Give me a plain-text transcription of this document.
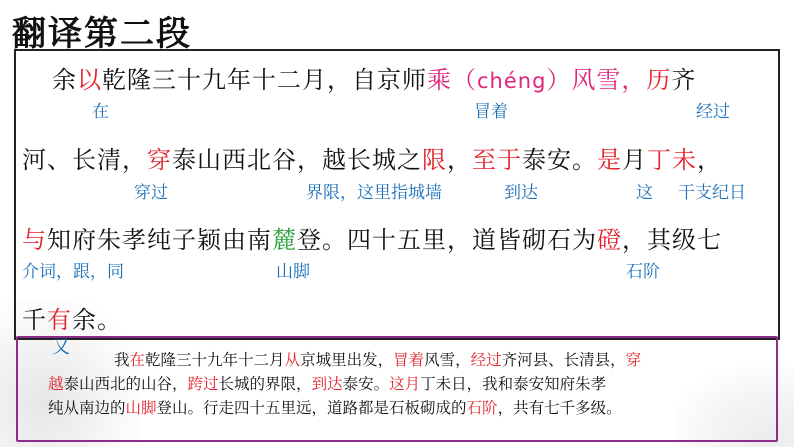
翻译第二段
余以乾隆三十九年十二月，自京师乘（chéng）风雪，历齐
河、长清，穿泰山西北谷，越长城之限，至于泰安。是月丁未，
与知府朱孝纯子颖由南麓登。四十五里，道皆砌石为磴，其级七
千有余。
在	冒着	经过
穿过	界限，这里指城墙	到达	这 干支纪日
介词，跟，同	山脚	石阶
我在乾隆三十九年十二月从京城里出发，冒着风雪，经过齐河县、长清县，穿
越泰山西北的山谷，跨过长城的界限，到达泰安。这月丁未日，我和泰安知府朱孝
纯从南边的山脚登山。行走四十五里远，道路都是石板砌成的石阶，共有七千多级。
又
